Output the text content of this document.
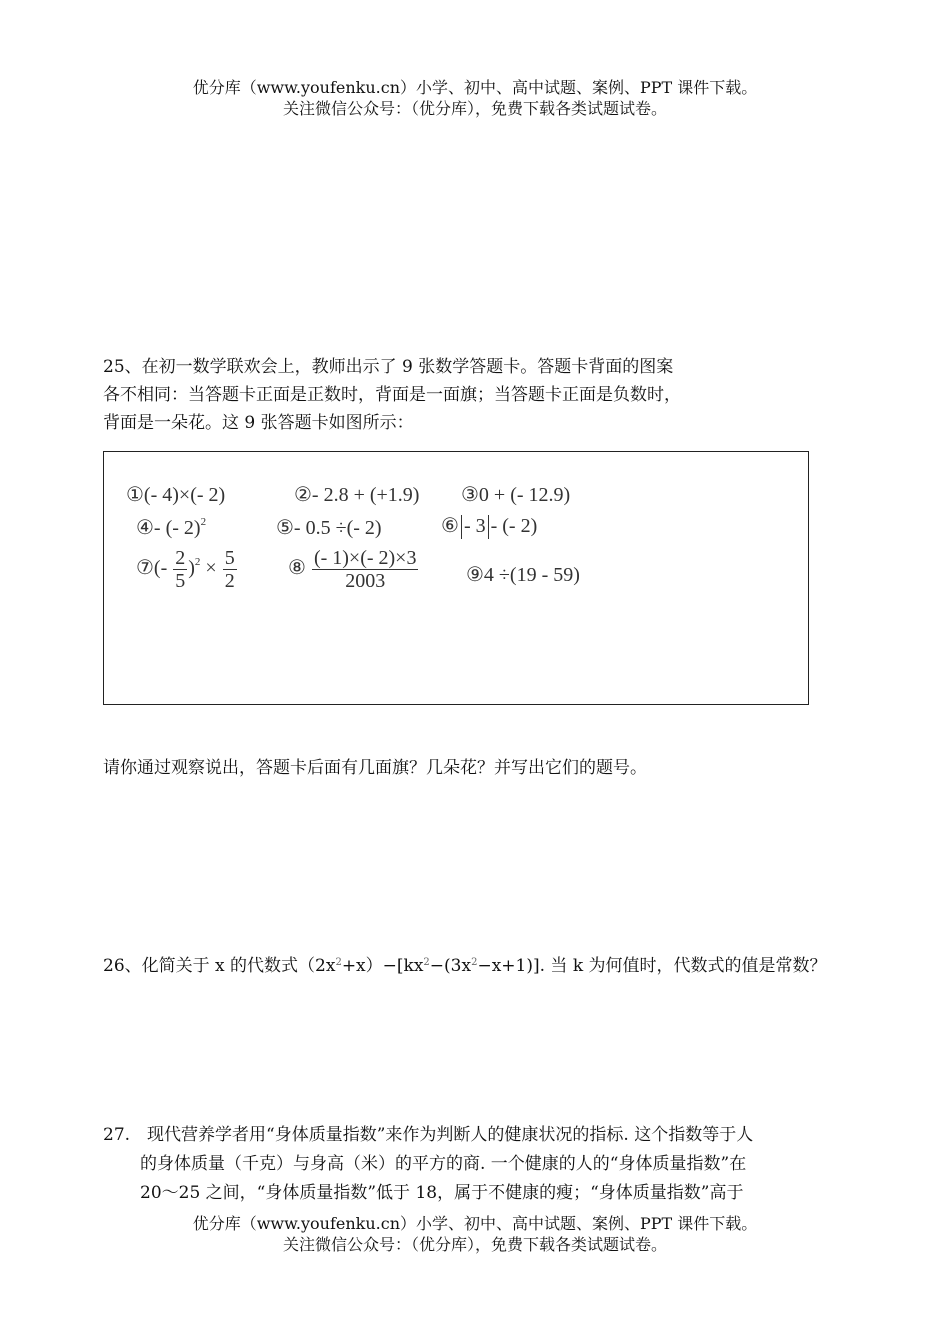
优分库（www.youfenku.cn）小学、初中、高中试题、案例、PPT 课件下载。
关注微信公众号：（优分库），免费下载各类试题试卷。
25、在初一数学联欢会上，教师出示了 9 张数学答题卡。答题卡背面的图案
各不相同：当答题卡正面是正数时，背面是一面旗；当答题卡正面是负数时，
背面是一朵花。这 9 张答题卡如图所示：
①(- 4)×(- 2)	②- 2.8 + (+1.9) ③0 + (- 12.9)
④- (- 2)$^2$	⑤- 0.5 ÷(- 2)	⑥ - 3 - (- 2)
⑦(- $\frac{2}{5} )^2 \times \frac{5}{2}$	⑧ $\frac{(- 1)\times(- 2)\times 3}{2003}$ ⑨4 ÷(19 - 59)
请你通过观察说出，答题卡后面有几面旗？几朵花？并写出它们的题号。
26、化简关于 x 的代数式$(2x^2+x)-[kx^2-(3x^2-x+1)]$. 当 k 为何值时，代数式的值是常数？
27.　现代营养学者用“身体质量指数”来作为判断人的健康状况的指标. 这个指数等于人
的身体质量（千克）与身高（米）的平方的商. 一个健康的人的“身体质量指数”在
20～25 之间，“身体质量指数”低于 18，属于不健康的瘦；“身体质量指数”高于
优分库（www.youfenku.cn）小学、初中、高中试题、案例、PPT 课件下载。
关注微信公众号：（优分库），免费下载各类试题试卷。
